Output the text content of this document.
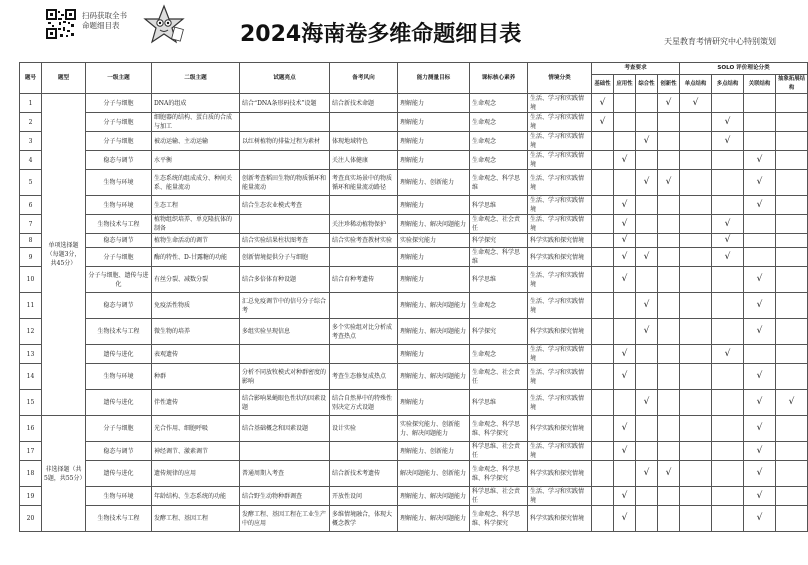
扫码获取全书
命题细目表	2024海南卷多维命题细目表	天星教育考情研究中心特别策划
题号	题型	一级主题	二级主题	试题亮点	备考风向	能力测量目标	课标核心素养	情境分类	考查要求				SOLO 评价理论分类			
									基础性	应用性	综合性	创新性	单点结构	多点结构	关联结构	抽象拓展结构
1	单项选择题（每题3分，共45分）	分子与细胞	DNA的组成	结合“DNA条形码技术”设题	结合新技术命题	理解能力	生命观念	生活、学习和实践情境	√			√	√			
2		分子与细胞	细胞器的结构、蛋白质的合成与加工			理解能力	生命观念	生活、学习和实践情境	√					√		
3		分子与细胞	被动运输、主动运输	以红树植物的排盐过程为素材	体现地域特色	理解能力	生命观念	生活、学习和实践情境			√			√		
4		稳态与调节	水平衡		关注人体健康	理解能力	生命观念	生活、学习和实践情境		√					√	
5		生物与环境	生态系统的组成成分、种间关系、能量流动	创新考查稻田生物的物质循环和能量流动	考查真实场景中的物质循环和能量流动路径	理解能力、创新能力	生命观念、科学思维	生活、学习和实践情境			√	√			√	
6		生物与环境	生态工程	结合生态农业模式考查		理解能力	科学思维	生活、学习和实践情境		√					√	
7		生物技术与工程	植物组织培养、单克隆抗体的制备		关注珍稀动植物保护	理解能力、解决问题能力	生命观念、社会责任	生活、学习和实践情境		√				√		
8		稳态与调节	植物生命活动的调节	结合实验结果柱状图考查	结合实验考查教材实验	实验探究能力	科学探究	科学实践和探究情境		√				√		
9		分子与细胞	酶的特性、D-甘露糖的功能	创新情境提供分子与细胞		理解能力	生命观念、科学思维	科学实践和探究情境		√	√			√		
10		分子与细胞、遗传与进化	有丝分裂、减数分裂	结合多倍体育种设题	结合育种考遗传	理解能力	科学思维	生活、学习和实践情境		√					√	
11		稳态与调节	免疫活性物质	汇总免疫调节中的信号分子综合考		理解能力、解决问题能力	生命观念	生活、学习和实践情境			√				√	
12		生物技术与工程	微生物的培养	多组实验呈现信息	多个实验组对比分析成考查热点	理解能力、解决问题能力	科学探究	科学实践和探究情境			√				√	
13		遗传与进化	表观遗传			理解能力	生命观念	生活、学习和实践情境		√				√		
14		生物与环境	种群	分析不同放牧模式对种群密度的影响	考查生态修复成热点	理解能力、解决问题能力	生命观念、社会责任	生活、学习和实践情境		√					√	
15		遗传与进化	伴性遗传	结合影响果蝇眼色性状的因素设题	结合自然界中的特殊性别决定方式设题	理解能力	科学思维	生活、学习和实践情境			√				√	√
16	非选择题（共5题，共55分）	分子与细胞	光合作用、细胞呼吸	结合基础概念和因素设题	设计实验	实验探究能力、创新能力、解决问题能力	生命观念、科学思维、科学探究	科学实践和探究情境		√					√	
17		稳态与调节	神经调节、激素调节			理解能力、创新能力	科学思维、社会责任	生活、学习和实践情境		√					√	
18		遗传与进化	遗传规律的应用	普通周期入考查	结合新技术考遗传	解决问题能力、创新能力	生命观念、科学思维、科学探究	科学实践和探究情境			√	√			√	
19		生物与环境	年龄结构、生态系统的功能	结合野生动物种群调查	开放性设问	理解能力、解决问题能力	科学思维、社会责任	生活、学习和实践情境		√					√	
20		生物技术与工程	发酵工程、基因工程	发酵工程、基因工程在工业生产中的应用	多维情境融合，体现大概念教学	理解能力、解决问题能力	生命观念、科学思维、科学探究	科学实践和探究情境		√					√	
